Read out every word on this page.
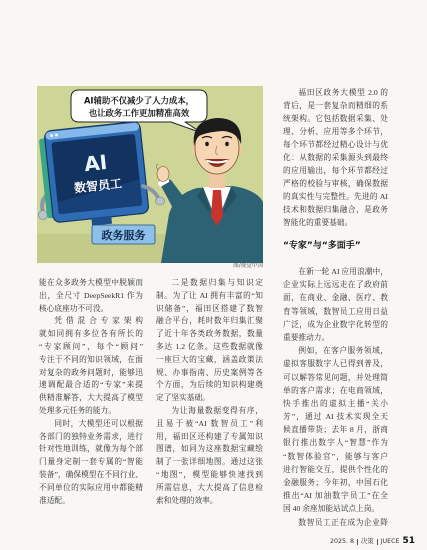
AI辅助不仅减少了人力成本，
也让政务工作更加精准高效
AI
数智员工
政务服务
图/视觉中国
能在众多政务大模型中脱颖而
出，全尺寸 DeepSeekR1 作为
核心底座功不可没。
凭借混合专家架构
就如同拥有多位各有所长的
“专家顾问”，每个“顾问”
专注于不同的知识领域，在面
对复杂的政务问题时，能够迅
速调配最合适的“专家”来提
供精准解答，大大提高了模型
处理多元任务的能力。
同时，大模型还可以根据
各部门的独特业务需求，进行
针对性地训练，就像为每个部
门量身定制一套专属的“智能
装备”，确保模型在不同行业、
不同单位的实际应用中都能精
准适配。
二是数据归集与知识定
制。为了让 AI 拥有丰富的“知
识储备”，福田区搭建了数智
融合平台，耗时数年归集汇聚
了近十年各类政务数据，数量
多达 1.2 亿条。这些数据就像
一座巨大的宝藏，涵盖政策法
规、办事指南、历史案例等各
个方面，为后续的知识构建奠
定了坚实基础。
为让海量数据变得有序，
且易于被“AI 数智员工”利
用，福田区还构建了专属知识
图谱，如同为这座数据宝藏绘
制了一张详细地图。通过这张
“地图”，模型能够快速找到
所需信息，大大提高了信息检
索和处理的效率。
福田区政务大模型 2.0 的
背后，是一套复杂而精细的系
统架构。它包括数据采集、处
理、分析、应用等多个环节，
每个环节都经过精心设计与优
化：从数据的采集源头到最终
的应用输出，每个环节都经过
严格的校验与审核，确保数据
的真实性与完整性。先进的 AI
技术和数据归集融合，是政务
智能化的重要基础。
“专家”与“多面手”
在新一轮 AI 应用浪潮中，
企业实际上远远走在了政府前
面，在商业、金融、医疗、教
育等领域，数智员工应用日益
广泛，成为企业数字化转型的
重要推动力。
例如，在客户服务领域，
虚拟客服数字人已得到普及，
可以解答常见问题，并处理简
单的客户需求；在电商领域，
快手推出的虚拟主播“关小
芳”，通过 AI 技术实现全天
候直播带货；去年 8 月，浙商
银行推出数字人“智慧”作为
“数智体验官”，能够与客户
进行智能交互，提供个性化的
金融服务；今年初，中国石化
推出“AI 加油数字员工”在全
国 40 余座加能站试点上岗。
数智员工正在成为企业降
2025. 8 决策 JUECE 51
